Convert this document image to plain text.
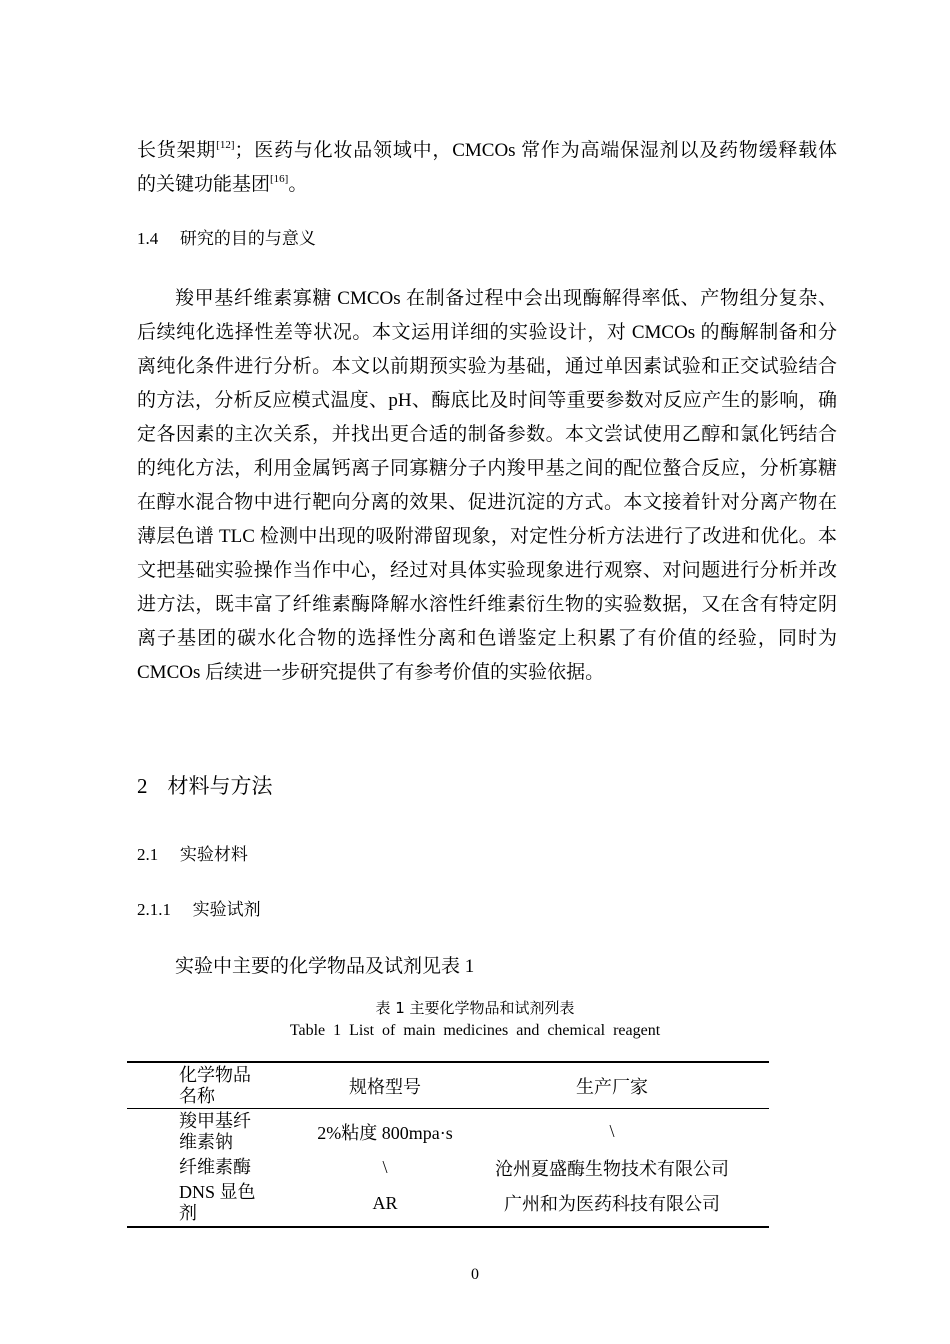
长货架期[12]；医药与化妆品领域中，CMCOs 常作为高端保湿剂以及药物缓释载体
的关键功能基团[16]。
1.4 研究的目的与意义
羧甲基纤维素寡糖 CMCOs 在制备过程中会出现酶解得率低、产物组分复杂、
后续纯化选择性差等状况。本文运用详细的实验设计，对 CMCOs 的酶解制备和分
离纯化条件进行分析。本文以前期预实验为基础，通过单因素试验和正交试验结合
的方法，分析反应模式温度、pH、酶底比及时间等重要参数对反应产生的影响，确
定各因素的主次关系，并找出更合适的制备参数。本文尝试使用乙醇和氯化钙结合
的纯化方法，利用金属钙离子同寡糖分子内羧甲基之间的配位螯合反应，分析寡糖
在醇水混合物中进行靶向分离的效果、促进沉淀的方式。本文接着针对分离产物在
薄层色谱 TLC 检测中出现的吸附滞留现象，对定性分析方法进行了改进和优化。本
文把基础实验操作当作中心，经过对具体实验现象进行观察、对问题进行分析并改
进方法，既丰富了纤维素酶降解水溶性纤维素衍生物的实验数据，又在含有特定阴
离子基团的碳水化合物的选择性分离和色谱鉴定上积累了有价值的经验，同时为
CMCOs 后续进一步研究提供了有参考价值的实验依据。
2 材料与方法
2.1 实验材料
2.1.1 实验试剂
实验中主要的化学物品及试剂见表 1
表 1 主要化学物品和试剂列表
Table 1 List of main medicines and chemical reagent
化学物品名称	规格型号	生产厂家
羧甲基纤维素钠	2%粘度 800mpa·s	\
纤维素酶	\	沧州夏盛酶生物技术有限公司
DNS 显色剂	AR	广州和为医药科技有限公司
0
